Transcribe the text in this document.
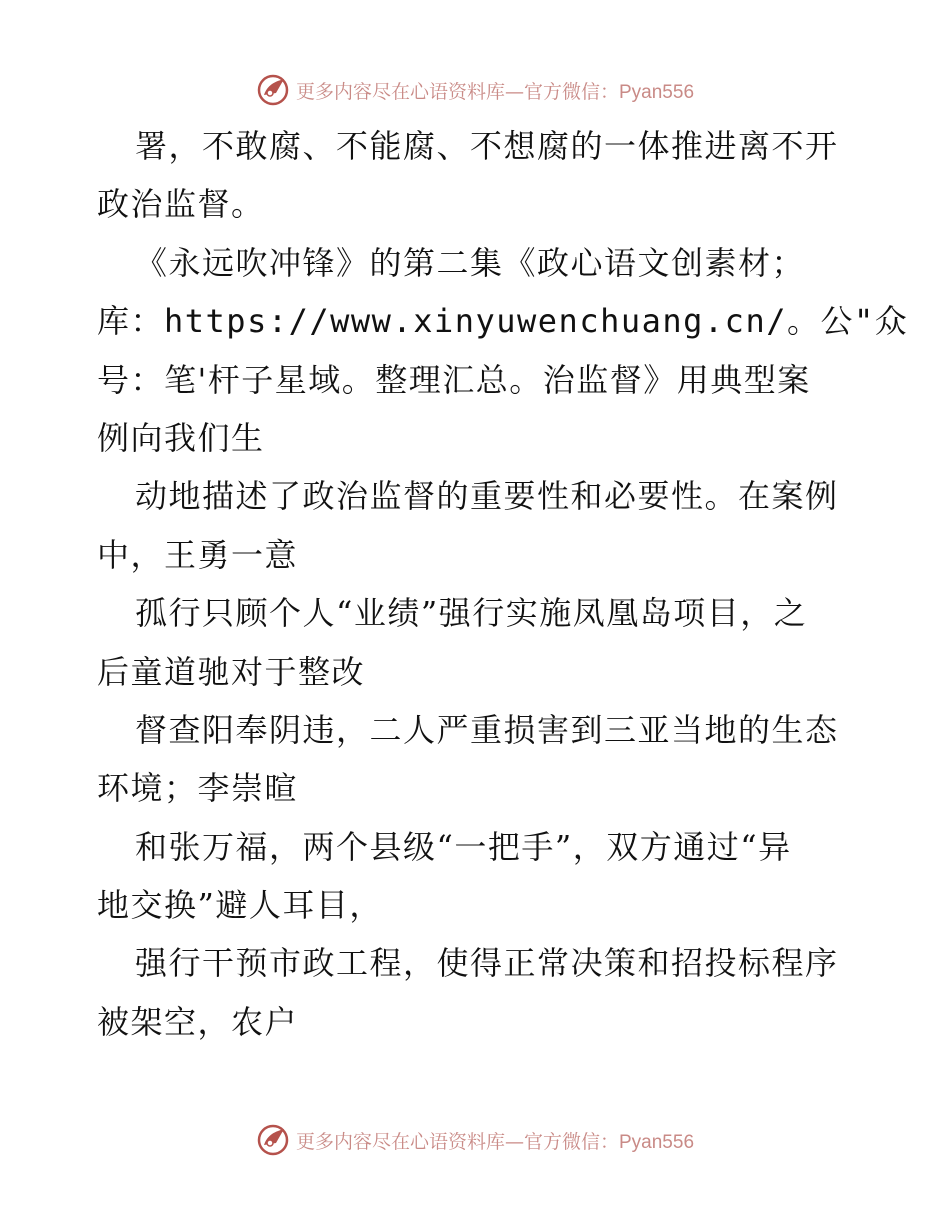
更多内容尽在心语资料库—官方微信：Pyan556
署，不敢腐、不能腐、不想腐的一体推进离不开
政治监督。
《永远吹冲锋》的第二集《政心语文创素材；
库：https://www.xinyuwenchuang.cn/。公"众
号：笔'杆子星域。整理汇总。治监督》用典型案
例向我们生
动地描述了政治监督的重要性和必要性。在案例
中，王勇一意
孤行只顾个人“业绩”强行实施凤凰岛项目，之
后童道驰对于整改
督查阳奉阴违，二人严重损害到三亚当地的生态
环境；李崇暄
和张万福，两个县级“一把手”，双方通过“异
地交换”避人耳目，
强行干预市政工程，使得正常决策和招投标程序
被架空，农户
更多内容尽在心语资料库—官方微信：Pyan556
